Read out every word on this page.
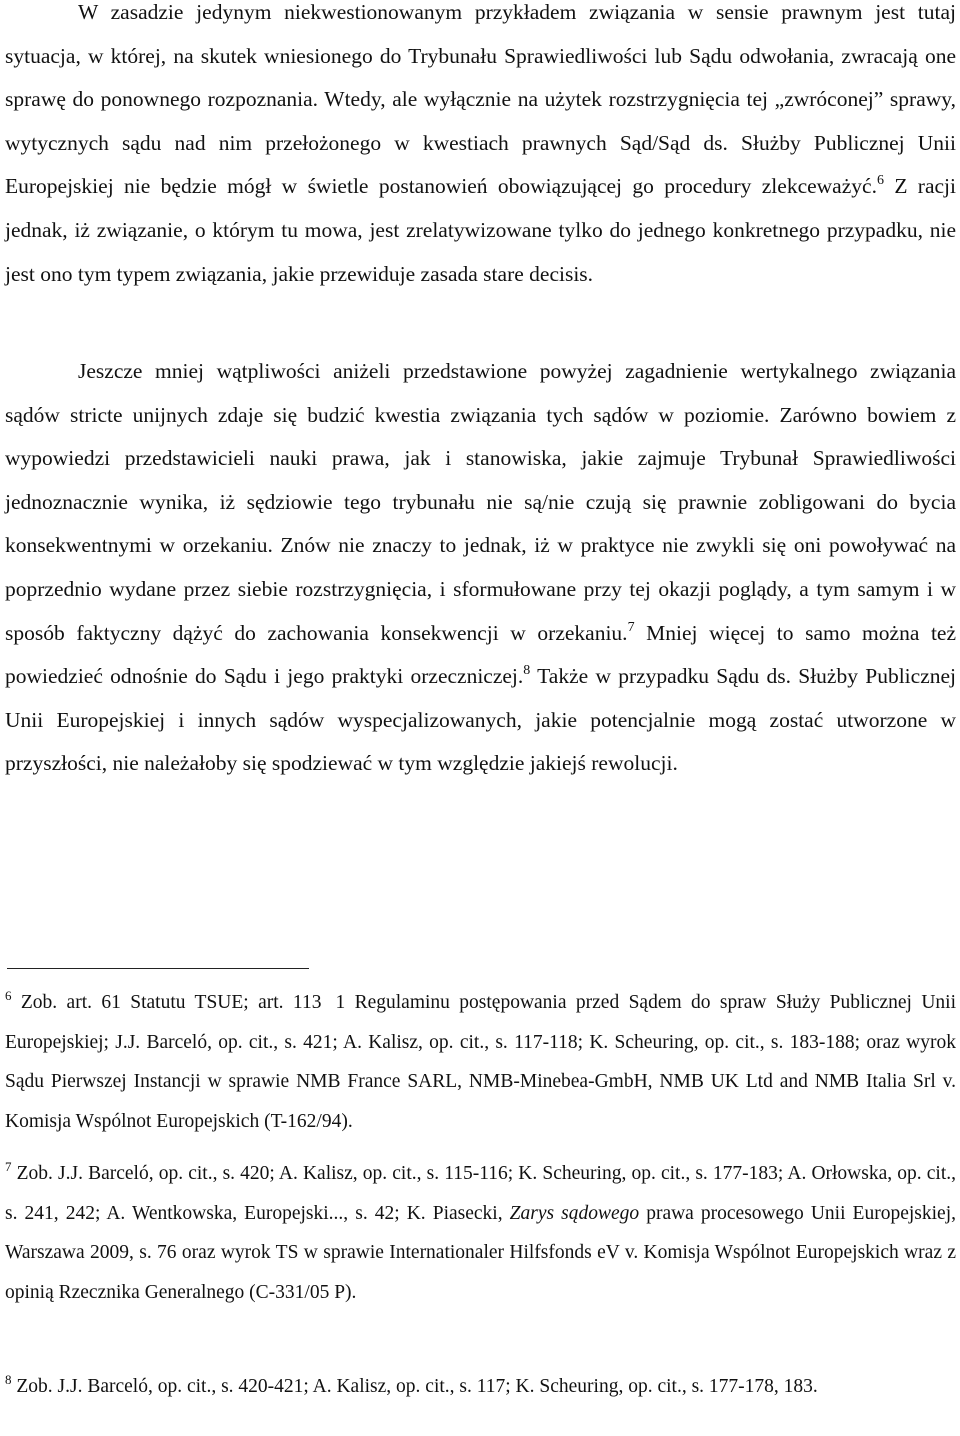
W zasadzie jedynym niekwestionowanym przykładem związania w sensie prawnym jest tutaj sytuacja, w której, na skutek wniesionego do Trybunału Sprawiedliwości lub Sądu odwołania, zwracają one sprawę do ponownego rozpoznania. Wtedy, ale wyłącznie na użytek rozstrzygnięcia tej „zwróconej” sprawy, wytycznych sądu nad nim przełożonego w kwestiach prawnych Sąd/Sąd ds. Służby Publicznej Unii Europejskiej nie będzie mógł w świetle postanowień obowiązującej go procedury zlekceważyć.$^6$ Z racji jednak, iż związanie, o którym tu mowa, jest zrelatywizowane tylko do jednego konkretnego przypadku, nie jest ono tym typem związania, jakie przewiduje zasada stare decisis.

Jeszcze mniej wątpliwości aniżeli przedstawione powyżej zagadnienie wertykalnego związania sądów stricte unijnych zdaje się budzić kwestia związania tych sądów w poziomie. Zarówno bowiem z wypowiedzi przedstawicieli nauki prawa, jak i stanowiska, jakie zajmuje Trybunał Sprawiedliwości jednoznacznie wynika, iż sędziowie tego trybunału nie są/nie czują się prawnie zobligowani do bycia konsekwentnymi w orzekaniu. Znów nie znaczy to jednak, iż w praktyce nie zwykli się oni powoływać na poprzednio wydane przez siebie rozstrzygnięcia, i sformułowane przy tej okazji poglądy, a tym samym i w sposób faktyczny dążyć do zachowania konsekwencji w orzekaniu.$^7$ Mniej więcej to samo można też powiedzieć odnośnie do Sądu i jego praktyki orzeczniczej.$^8$ Także w przypadku Sądu ds. Służby Publicznej Unii Europejskiej i innych sądów wyspecjalizowanych, jakie potencjalnie mogą zostać utworzone w przyszłości, nie należałoby się spodziewać w tym względzie jakiejś rewolucji.

$^6$ Zob. art. 61 Statutu TSUE; art. 113 1 Regulaminu postępowania przed Sądem do spraw Służy Publicznej Unii Europejskiej; J.J. Barceló, op. cit., s. 421; A. Kalisz, op. cit., s. 117-118; K. Scheuring, op. cit., s. 183-188; oraz wyrok Sądu Pierwszej Instancji w sprawie NMB France SARL, NMB-Minebea-GmbH, NMB UK Ltd and NMB Italia Srl v. Komisja Wspólnot Europejskich (T-162/94).

$^7$ Zob. J.J. Barceló, op. cit., s. 420; A. Kalisz, op. cit., s. 115-116; K. Scheuring, op. cit., s. 177-183; A. Orłowska, op. cit., s. 241, 242; A. Wentkowska, Europejski..., s. 42; K. Piasecki, Zarys sądowego prawa procesowego Unii Europejskiej, Warszawa 2009, s. 76 oraz wyrok TS w sprawie Internationaler Hilfsfonds eV v. Komisja Wspólnot Europejskich wraz z opinią Rzecznika Generalnego (C-331/05 P).

$^8$ Zob. J.J. Barceló, op. cit., s. 420-421; A. Kalisz, op. cit., s. 117; K. Scheuring, op. cit., s. 177-178, 183.
